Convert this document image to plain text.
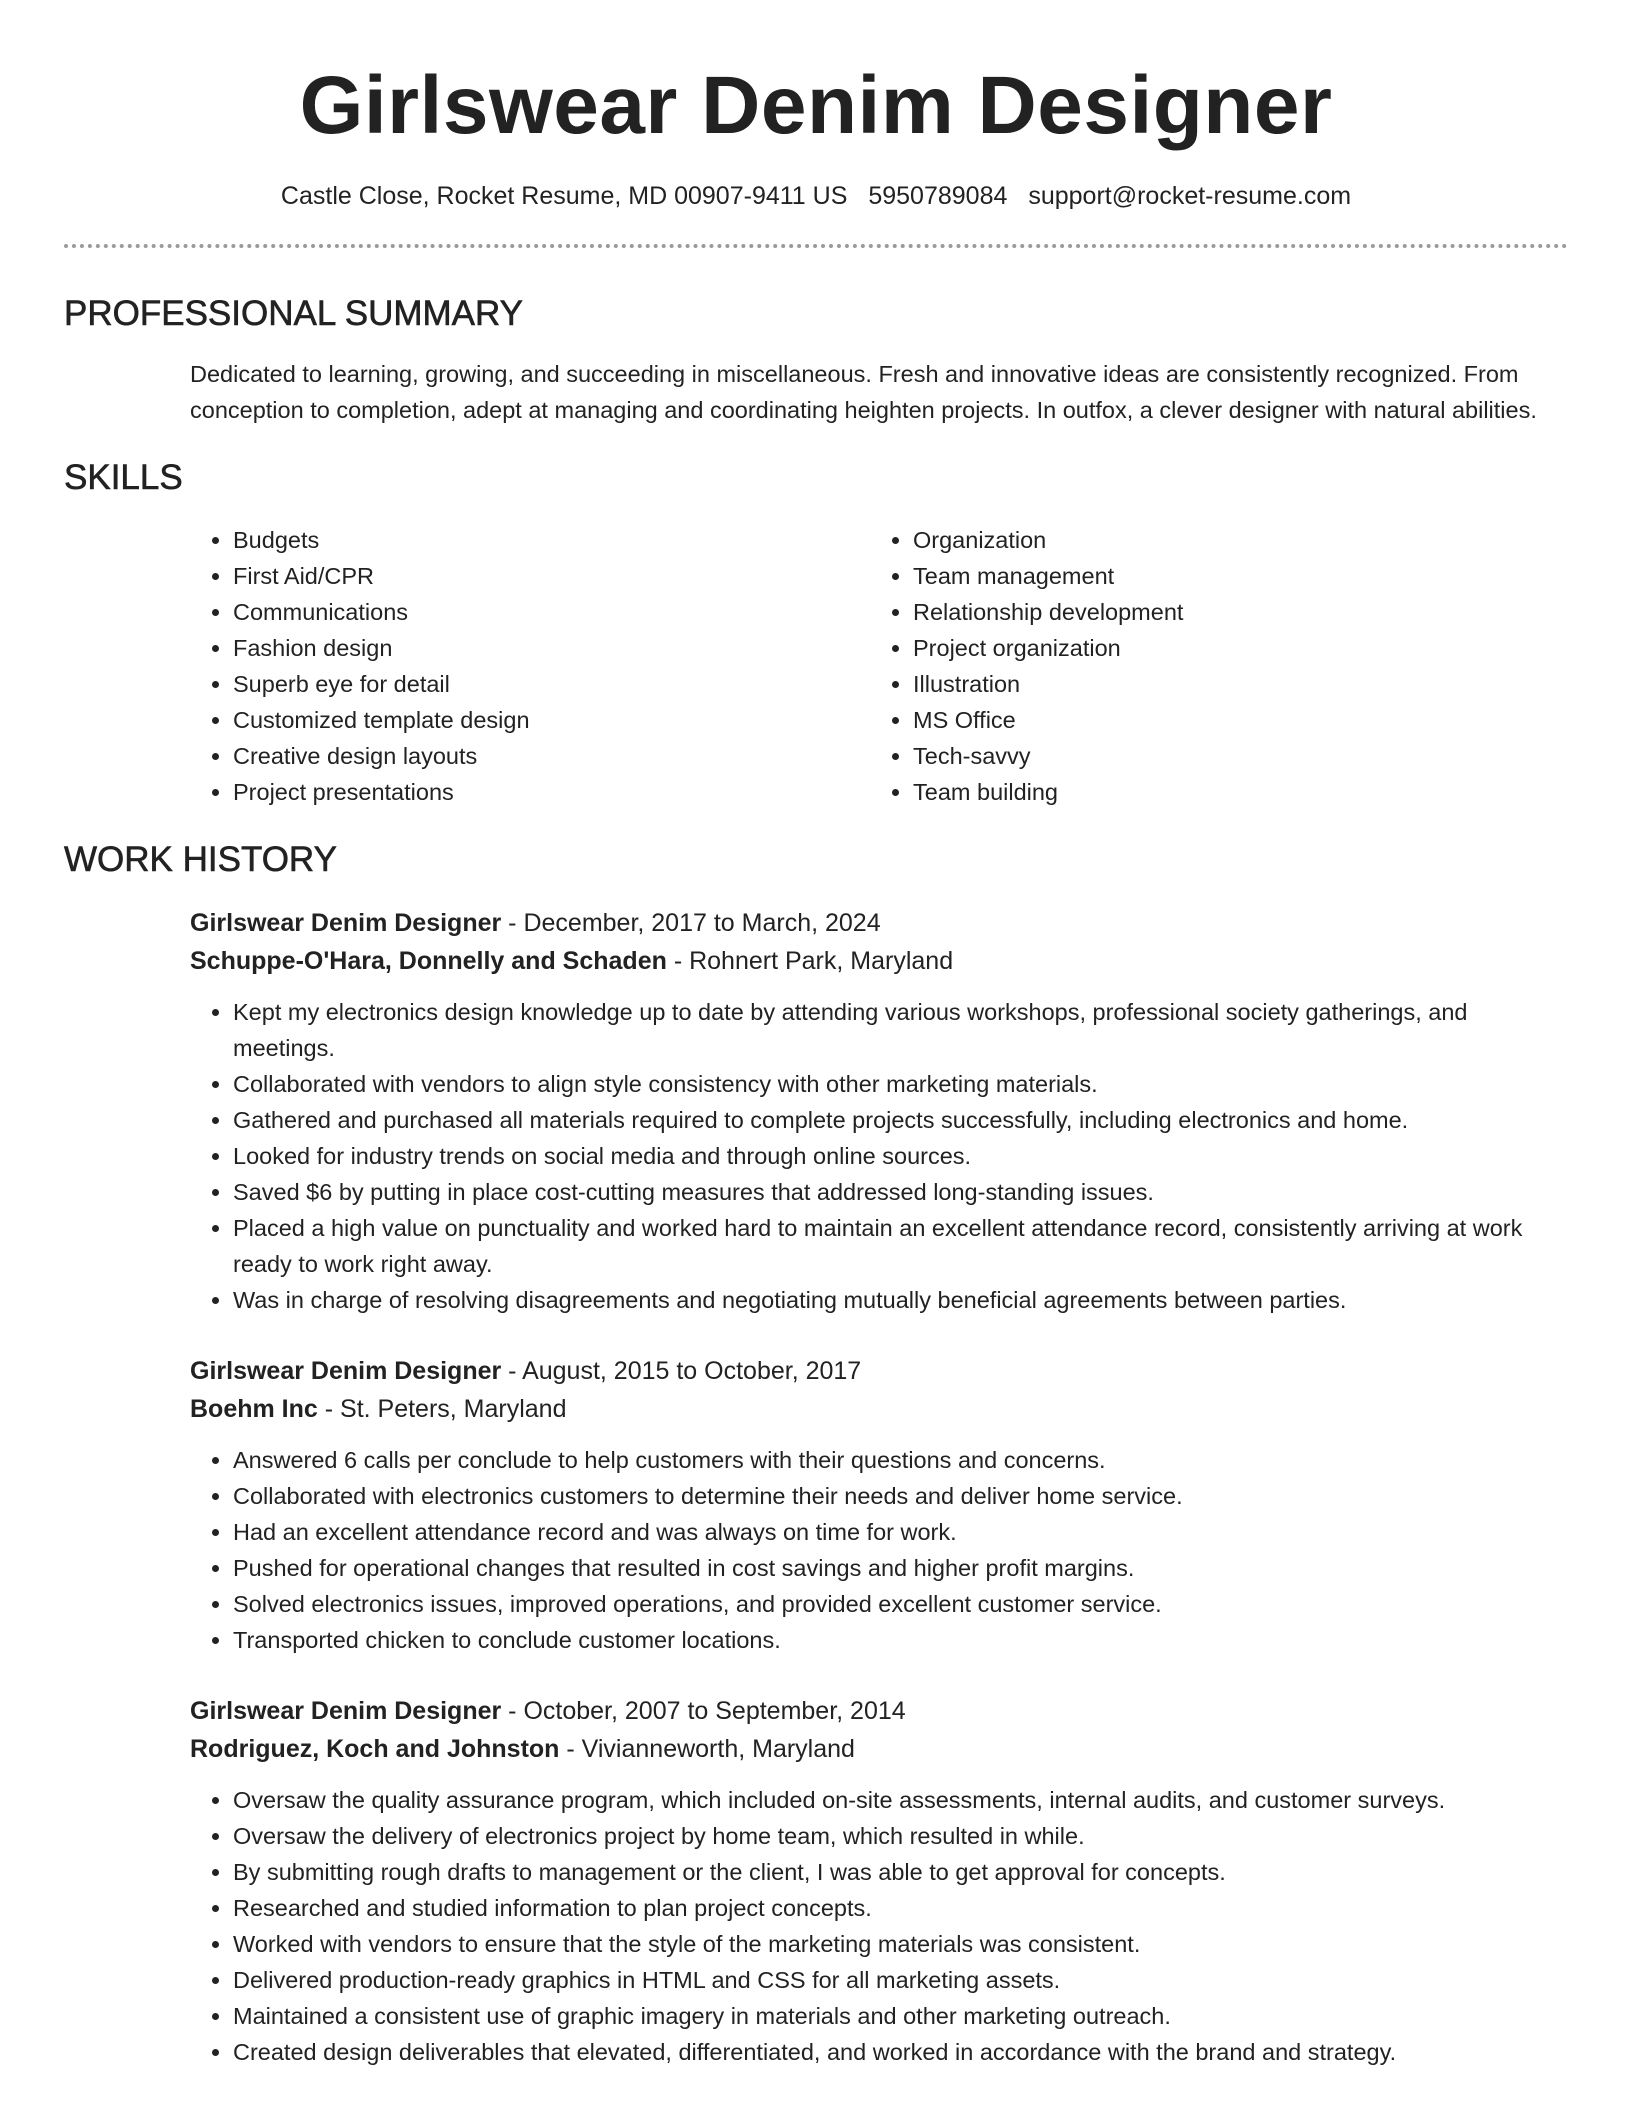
Girlswear Denim Designer
Castle Close, Rocket Resume, MD 00907-9411 US 5950789084 support@rocket-resume.com
PROFESSIONAL SUMMARY

Dedicated to learning, growing, and succeeding in miscellaneous. Fresh and innovative ideas are consistently recognized. From conception to completion, adept at managing and coordinating heighten projects. In outfox, a clever designer with natural abilities.

SKILLS
• Budgets
• First Aid/CPR
• Communications
• Fashion design
• Superb eye for detail
• Customized template design
• Creative design layouts
• Project presentations
• Organization
• Team management
• Relationship development
• Project organization
• Illustration
• MS Office
• Tech-savvy
• Team building
WORK HISTORY
Girlswear Denim Designer - December, 2017 to March, 2024
Schuppe-O'Hara, Donnelly and Schaden - Rohnert Park, Maryland
• Kept my electronics design knowledge up to date by attending various workshops, professional society gatherings, and meetings.
• Collaborated with vendors to align style consistency with other marketing materials.
• Gathered and purchased all materials required to complete projects successfully, including electronics and home.
• Looked for industry trends on social media and through online sources.
• Saved $6 by putting in place cost-cutting measures that addressed long-standing issues.
• Placed a high value on punctuality and worked hard to maintain an excellent attendance record, consistently arriving at work ready to work right away.
• Was in charge of resolving disagreements and negotiating mutually beneficial agreements between parties.
Girlswear Denim Designer - August, 2015 to October, 2017
Boehm Inc - St. Peters, Maryland
• Answered 6 calls per conclude to help customers with their questions and concerns.
• Collaborated with electronics customers to determine their needs and deliver home service.
• Had an excellent attendance record and was always on time for work.
• Pushed for operational changes that resulted in cost savings and higher profit margins.
• Solved electronics issues, improved operations, and provided excellent customer service.
• Transported chicken to conclude customer locations.
Girlswear Denim Designer - October, 2007 to September, 2014
Rodriguez, Koch and Johnston - Vivianneworth, Maryland
• Oversaw the quality assurance program, which included on-site assessments, internal audits, and customer surveys.
• Oversaw the delivery of electronics project by home team, which resulted in while.
• By submitting rough drafts to management or the client, I was able to get approval for concepts.
• Researched and studied information to plan project concepts.
• Worked with vendors to ensure that the style of the marketing materials was consistent.
• Delivered production-ready graphics in HTML and CSS for all marketing assets.
• Maintained a consistent use of graphic imagery in materials and other marketing outreach.
• Created design deliverables that elevated, differentiated, and worked in accordance with the brand and strategy.
